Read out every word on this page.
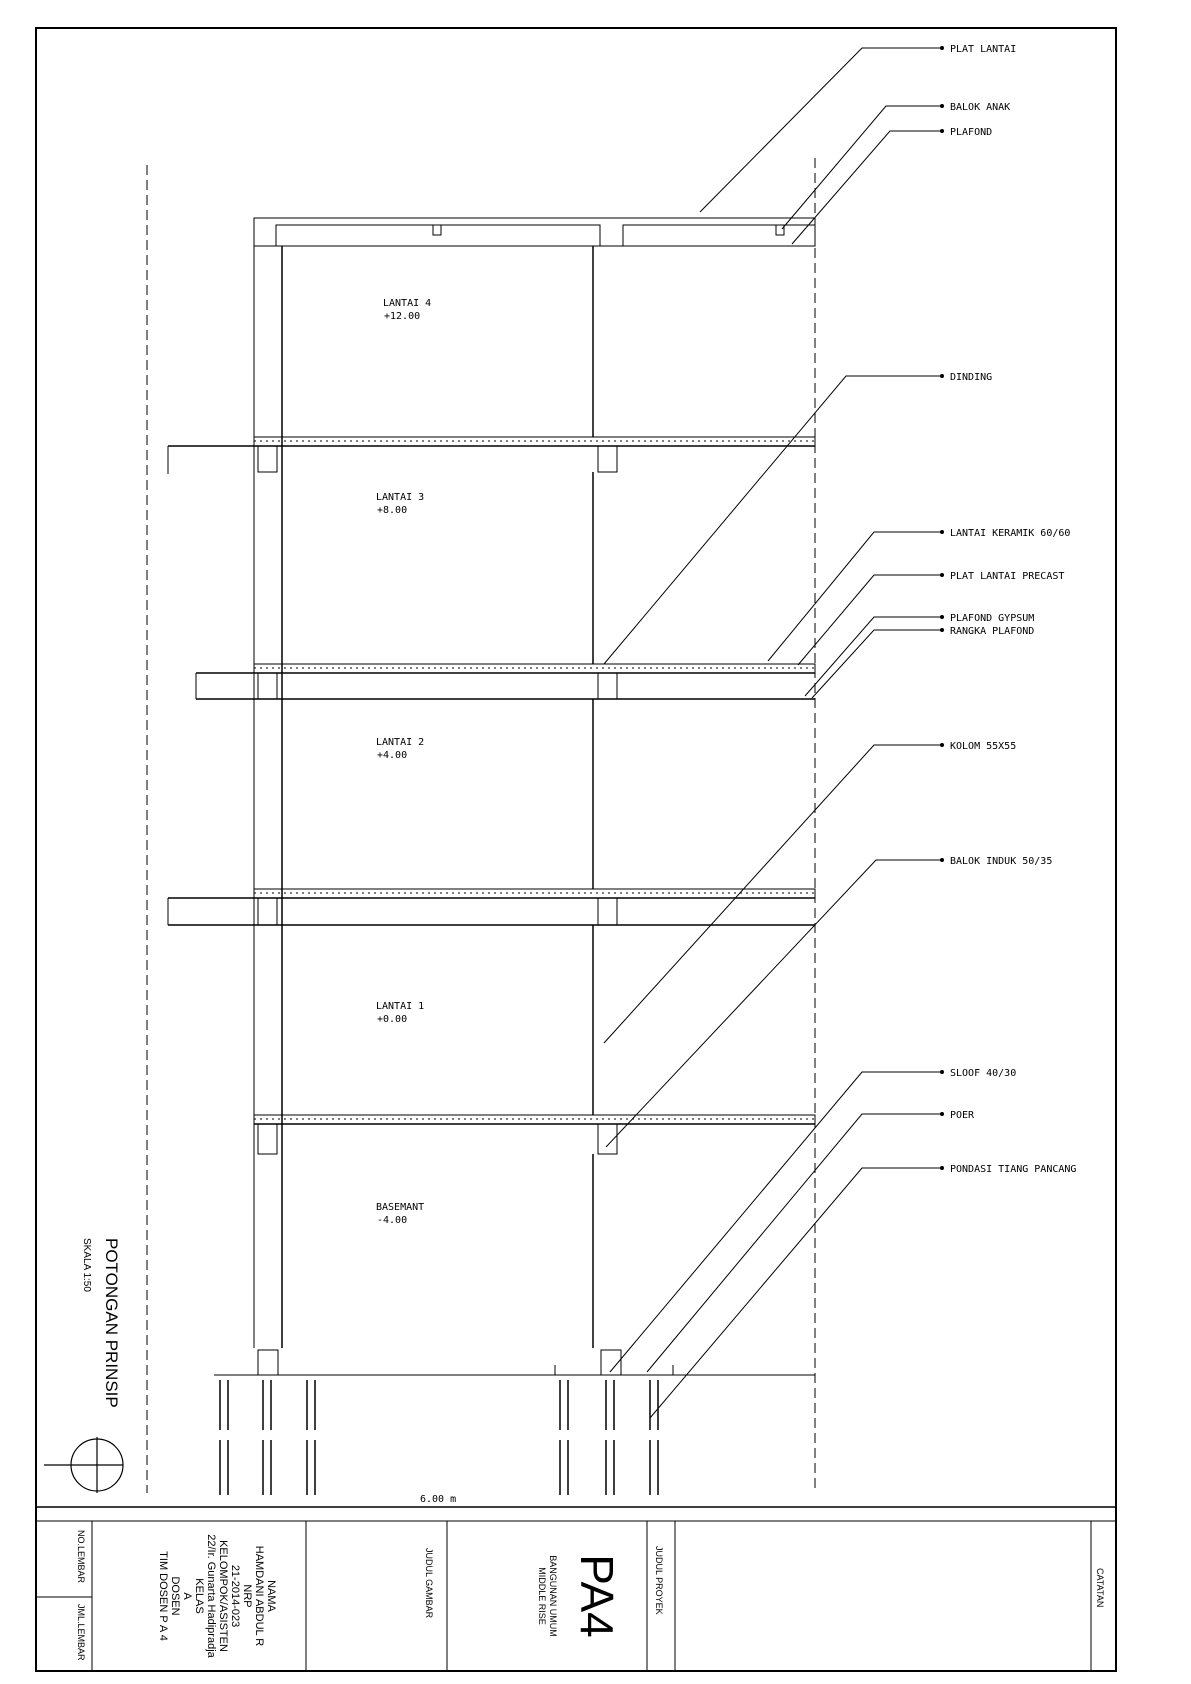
6.00 m
LANTAI 4
+12.00
LANTAI 3
+8.00
LANTAI 2
+4.00
LANTAI 1
+0.00
BASEMANT
-4.00
PLAT LANTAI
BALOK ANAK
PLAFOND
DINDING
LANTAI KERAMIK 60/60
PLAT LANTAI PRECAST
PLAFOND GYPSUM
RANGKA PLAFOND
KOLOM 55X55
BALOK INDUK 50/35
SLOOF 40/30
POER
PONDASI TIANG PANCANG
POTONGAN PRINSIP
SKALA 1:50
NO.LEMBAR
JML.LEMBAR
NAMA
HAMDANI ABDUL R
NRP
21-2014-023
KELOMPOK/ASISTEN
22/Ir. Gunarta Hadipradja
KELAS
A
DOSEN
TIM DOSEN P A 4	JUDUL GAMBAR	PA4
BANGUNAN UMUM
MIDDLE RISE	JUDUL PROYEK	CATATAN
